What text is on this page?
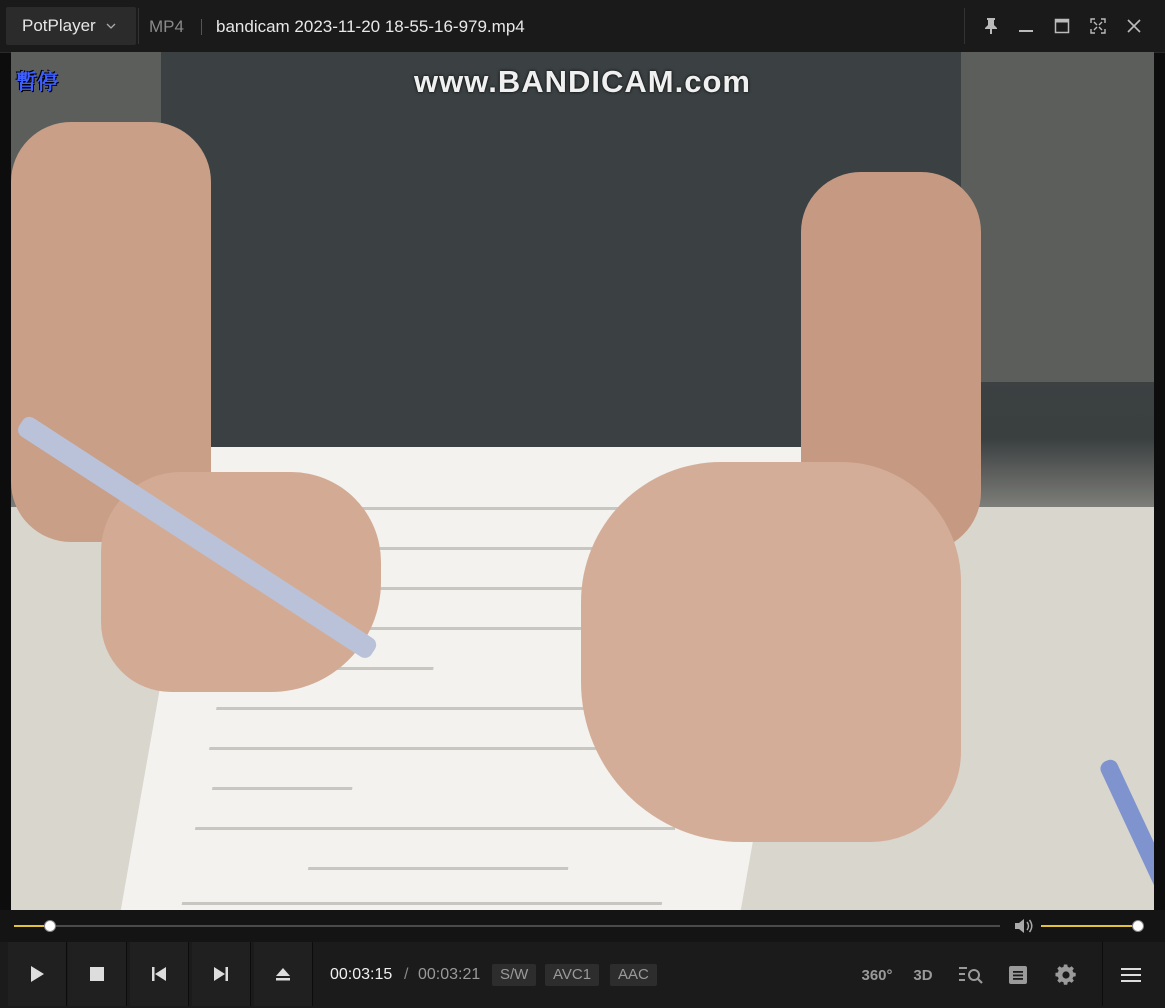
PotPlayer	MP4 bandicam 2023-11-20 18-55-16-979.mp4
www.BANDICAM.com
暫停
00:03:15 / 00:03:21	S/W	AVC1	AAC	360° 3D
